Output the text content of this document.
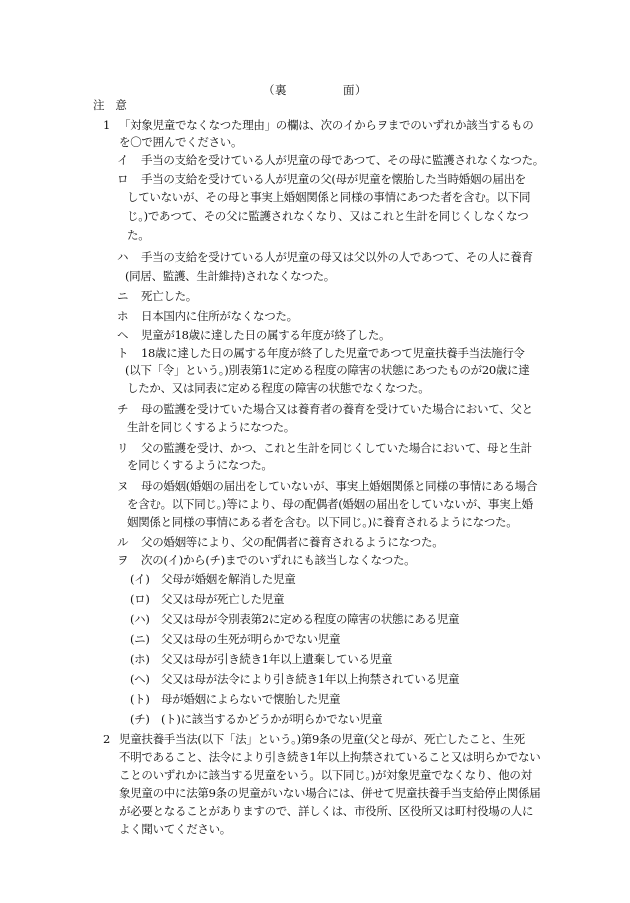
（裏	面）
注　意
1 「対象児童でなくなつた理由」の欄は、次のイからヲまでのいずれか該当するもの
を〇で囲んでください。
イ 手当の支給を受けている人が児童の母であつて、その母に監護されなくなつた。
ロ 手当の支給を受けている人が児童の父(母が児童を懐胎した当時婚姻の届出を
していないが、その母と事実上婚姻関係と同様の事情にあつた者を含む。以下同
じ。)であつて、その父に監護されなくなり、又はこれと生計を同じくしなくなつ
た。
ハ 手当の支給を受けている人が児童の母又は父以外の人であつて、その人に養育
(同居、監護、生計維持)されなくなつた。
ニ 死亡した。
ホ 日本国内に住所がなくなつた。
ヘ 児童が18歳に達した日の属する年度が終了した。
ト 18歳に達した日の属する年度が終了した児童であつて児童扶養手当法施行令
(以下「令」という。)別表第1に定める程度の障害の状態にあつたものが20歳に達
したか、又は同表に定める程度の障害の状態でなくなつた。
チ 母の監護を受けていた場合又は養育者の養育を受けていた場合において、父と
生計を同じくするようになつた。
リ 父の監護を受け、かつ、これと生計を同じくしていた場合において、母と生計
を同じくするようになつた。
ヌ 母の婚姻(婚姻の届出をしていないが、事実上婚姻関係と同様の事情にある場合
を含む。以下同じ。)等により、母の配偶者(婚姻の届出をしていないが、事実上婚
姻関係と同様の事情にある者を含む。以下同じ。)に養育されるようになつた。
ル 父の婚姻等により、父の配偶者に養育されるようになつた。
ヲ 次の(イ)から(チ)までのいずれにも該当しなくなつた。
(イ) 父母が婚姻を解消した児童
(ロ) 父又は母が死亡した児童
(ハ) 父又は母が令別表第2に定める程度の障害の状態にある児童
(ニ) 父又は母の生死が明らかでない児童
(ホ) 父又は母が引き続き1年以上遺棄している児童
(ヘ) 父又は母が法令により引き続き1年以上拘禁されている児童
(ト) 母が婚姻によらないで懐胎した児童
(チ) (ト)に該当するかどうかが明らかでない児童
2 児童扶養手当法(以下「法」という。)第9条の児童(父と母が、死亡したこと、生死
不明であること、法令により引き続き1年以上拘禁されていること又は明らかでない
ことのいずれかに該当する児童をいう。以下同じ。)が対象児童でなくなり、他の対
象児童の中に法第9条の児童がいない場合には、併せて児童扶養手当支給停止関係届
が必要となることがありますので、詳しくは、市役所、区役所又は町村役場の人に
よく聞いてください。
